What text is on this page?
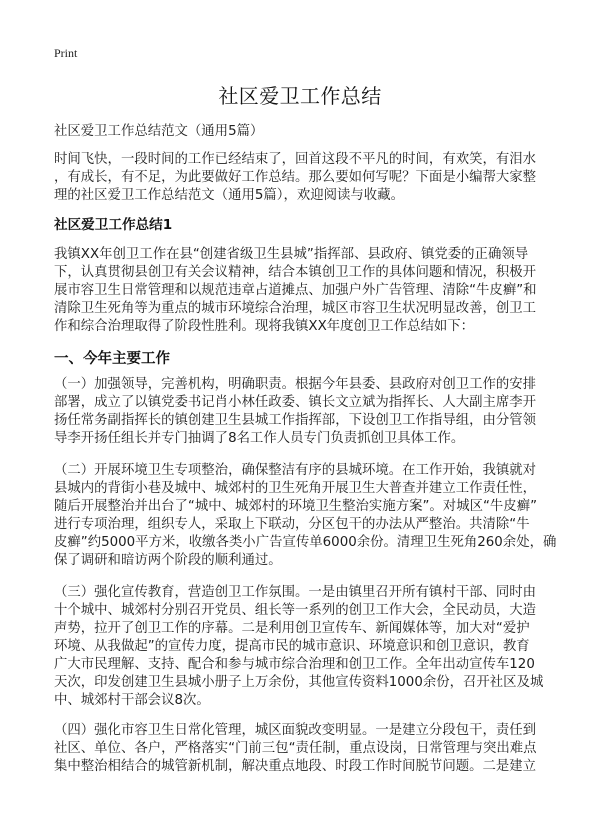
Print
社区爱卫工作总结
社区爱卫工作总结范文（通用5篇）
时间飞快，一段时间的工作已经结束了，回首这段不平凡的时间，有欢笑，有泪水
，有成长，有不足，为此要做好工作总结。那么要如何写呢？下面是小编帮大家整
理的社区爱卫工作总结范文（通用5篇），欢迎阅读与收藏。
社区爱卫工作总结1
我镇XX年创卫工作在县“创建省级卫生县城”指挥部、县政府、镇党委的正确领导
下，认真贯彻县创卫有关会议精神，结合本镇创卫工作的具体问题和情况，积极开
展市容卫生日常管理和以规范违章占道摊点、加强户外广告管理、清除“牛皮癣”和
清除卫生死角等为重点的城市环境综合治理，城区市容卫生状况明显改善，创卫工
作和综合治理取得了阶段性胜利。现将我镇XX年度创卫工作总结如下：
一、今年主要工作
（一）加强领导，完善机构，明确职责。根据今年县委、县政府对创卫工作的安排
部署，成立了以镇党委书记肖小林任政委、镇长文立斌为指挥长、人大副主席李开
扬任常务副指挥长的镇创建卫生县城工作指挥部，下设创卫工作指导组，由分管领
导李开扬任组长并专门抽调了8名工作人员专门负责抓创卫具体工作。
（二）开展环境卫生专项整治，确保整洁有序的县城环境。在工作开始，我镇就对
县城内的背街小巷及城中、城郊村的卫生死角开展卫生大普查并建立工作责任性，
随后开展整治并出台了“城中、城郊村的环境卫生整治实施方案”。对城区“牛皮癣”
进行专项治理，组织专人，采取上下联动，分区包干的办法从严整治。共清除“牛
皮癣”约5000平方米，收缴各类小广告宣传单6000余份。清理卫生死角260余处，确
保了调研和暗访两个阶段的顺利通过。
（三）强化宣传教育，营造创卫工作氛围。一是由镇里召开所有镇村干部、同时由
十个城中、城郊村分别召开党员、组长等一系列的创卫工作大会，全民动员，大造
声势，拉开了创卫工作的序幕。二是利用创卫宣传车、新闻媒体等，加大对“爱护
环境、从我做起”的宣传力度，提高市民的城市意识、环境意识和创卫意识，教育
广大市民理解、支持、配合和参与城市综合治理和创卫工作。全年出动宣传车120
天次，印发创建卫生县城小册子上万余份，其他宣传资料1000余份，召开社区及城
中、城郊村干部会议8次。
（四）强化市容卫生日常化管理，城区面貌改变明显。一是建立分段包干，责任到
社区、单位、各户，严格落实“门前三包“责任制，重点设岗，日常管理与突出难点
集中整治相结合的城管新机制，解决重点地段、时段工作时间脱节问题。二是建立
